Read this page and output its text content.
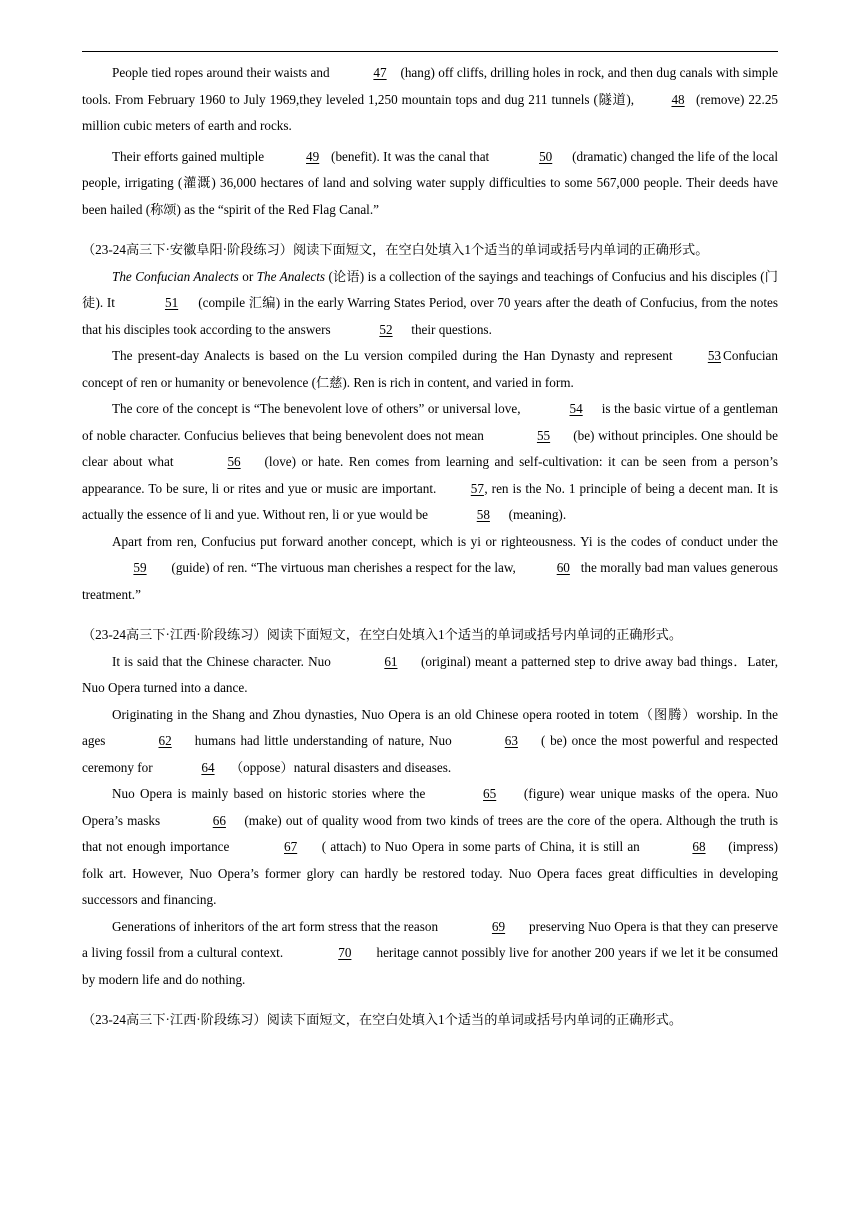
People tied ropes around their waists and	47 (hang) off cliffs, drilling holes in rock, and then dug canals with simple tools. From February 1960 to July 1969,they leveled 1,250 mountain tops and dug 211 tunnels (隧道),	48 (remove) 22.25 million cubic meters of earth and rocks.

Their efforts gained multiple	49 (benefit). It was the canal that	50 (dramatic) changed the life of the local people, irrigating (灌溉) 36,000 hectares of land and solving water supply difficulties to some 567,000 people. Their deeds have been hailed (称颂) as the “spirit of the Red Flag Canal.”

（23-24高三下·安徽阜阳·阶段练习）阅读下面短文，在空白处填入1个适当的单词或括号内单词的正确形式。

The Confucian Analects or The Analects (论语) is a collection of the sayings and teachings of Confucius and his disciples (门徒). It	51 (compile 汇编) in the early Warring States Period, over 70 years after the death of Confucius, from the notes that his disciples took according to the answers	52 their questions.

The present-day Analects is based on the Lu version compiled during the Han Dynasty and represent 53 Confucian concept of ren or humanity or benevolence (仁慈). Ren is rich in content, and varied in form.

The core of the concept is “The benevolent love of others” or universal love,	54 is the basic virtue of a gentleman of noble character. Confucius believes that being benevolent does not mean	55 (be) without principles. One should be clear about what	56 (love) or hate. Ren comes from learning and self-cultivation: it can be seen from a person’s appearance. To be sure, li or rites and yue or music are important. 57, ren is the No. 1 principle of being a decent man. It is actually the essence of li and yue. Without ren, li or yue would be	58 (meaning).

Apart from ren, Confucius put forward another concept, which is yi or righteousness. Yi is the codes of conduct under the 59 (guide) of ren. “The virtuous man cherishes a respect for the law,	60 the morally bad man values generous treatment.”

（23-24高三下·江西·阶段练习）阅读下面短文，在空白处填入1个适当的单词或括号内单词的正确形式。

It is said that the Chinese character. Nuo	61 (original) meant a patterned step to drive away bad things．Later, Nuo Opera turned into a dance.

Originating in the Shang and Zhou dynasties, Nuo Opera is an old Chinese opera rooted in totem（图腾）worship. In the ages	62 humans had little understanding of nature, Nuo	63 ( be) once the most powerful and respected ceremony for	64 （oppose）natural disasters and diseases.

Nuo Opera is mainly based on historic stories where the	65 (figure) wear unique masks of the opera. Nuo Opera’s masks	66 (make) out of quality wood from two kinds of trees are the core of the opera. Although the truth is that not enough importance	67 ( attach) to Nuo Opera in some parts of China, it is still an	68 (impress) folk art. However, Nuo Opera’s former glory can hardly be restored today. Nuo Opera faces great difficulties in developing successors and financing.

Generations of inheritors of the art form stress that the reason	69 preserving Nuo Opera is that they can preserve a living fossil from a cultural context.	70 heritage cannot possibly live for another 200 years if we let it be consumed by modern life and do nothing.

（23-24高三下·江西·阶段练习）阅读下面短文，在空白处填入1个适当的单词或括号内单词的正确形式。
